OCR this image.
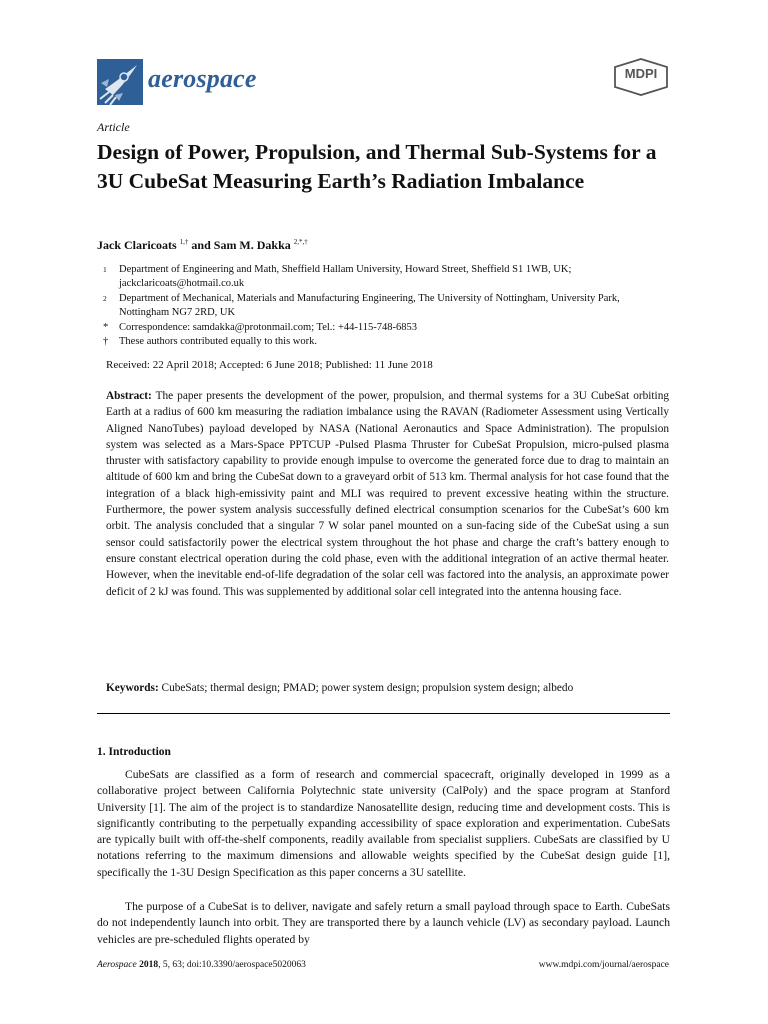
aerospace	MDPI
Article
Design of Power, Propulsion, and Thermal Sub-Systems for a 3U CubeSat Measuring Earth’s Radiation Imbalance
Jack Claricoats $^{1,\dagger}$ and Sam M. Dakka $^{2,*,\dagger}$
1 Department of Engineering and Math, Sheffield Hallam University, Howard Street, Sheffield S1 1WB, UK; jackclaricoats@hotmail.co.uk
2 Department of Mechanical, Materials and Manufacturing Engineering, The University of Nottingham, University Park, Nottingham NG7 2RD, UK
* Correspondence: samdakka@protonmail.com; Tel.: +44-115-748-6853
† These authors contributed equally to this work.
Received: 22 April 2018; Accepted: 6 June 2018; Published: 11 June 2018

Abstract: The paper presents the development of the power, propulsion, and thermal systems for a 3U CubeSat orbiting Earth at a radius of 600 km measuring the radiation imbalance using the RAVAN (Radiometer Assessment using Vertically Aligned NanoTubes) payload developed by NASA (National Aeronautics and Space Administration). The propulsion system was selected as a Mars-Space PPTCUP -Pulsed Plasma Thruster for CubeSat Propulsion, micro-pulsed plasma thruster with satisfactory capability to provide enough impulse to overcome the generated force due to drag to maintain an altitude of 600 km and bring the CubeSat down to a graveyard orbit of 513 km. Thermal analysis for hot case found that the integration of a black high-emissivity paint and MLI was required to prevent excessive heating within the structure. Furthermore, the power system analysis successfully defined electrical consumption scenarios for the CubeSat’s 600 km orbit. The analysis concluded that a singular 7 W solar panel mounted on a sun-facing side of the CubeSat using a sun sensor could satisfactorily power the electrical system throughout the hot phase and charge the craft’s battery enough to ensure constant electrical operation during the cold phase, even with the additional integration of an active thermal heater. However, when the inevitable end-of-life degradation of the solar cell was factored into the analysis, an approximate power deficit of 2 kJ was found. This was supplemented by additional solar cell integrated into the antenna housing face.

Keywords: CubeSats; thermal design; PMAD; power system design; propulsion system design; albedo

1. Introduction

CubeSats are classified as a form of research and commercial spacecraft, originally developed in 1999 as a collaborative project between California Polytechnic state university (CalPoly) and the space program at Stanford University [1]. The aim of the project is to standardize Nanosatellite design, reducing time and development costs. This is significantly contributing to the perpetually expanding accessibility of space exploration and experimentation. CubeSats are typically built with off-the-shelf components, readily available from specialist suppliers. CubeSats are classified by U notations referring to the maximum dimensions and allowable weights specified by the CubeSat design guide [1], specifically the 1-3U Design Specification as this paper concerns a 3U satellite.

The purpose of a CubeSat is to deliver, navigate and safely return a small payload through space to Earth. CubeSats do not independently launch into orbit. They are transported there by a launch vehicle (LV) as secondary payload. Launch vehicles are pre-scheduled flights operated by

Aerospace 2018, 5, 63; doi:10.3390/aerospace5020063	www.mdpi.com/journal/aerospace
